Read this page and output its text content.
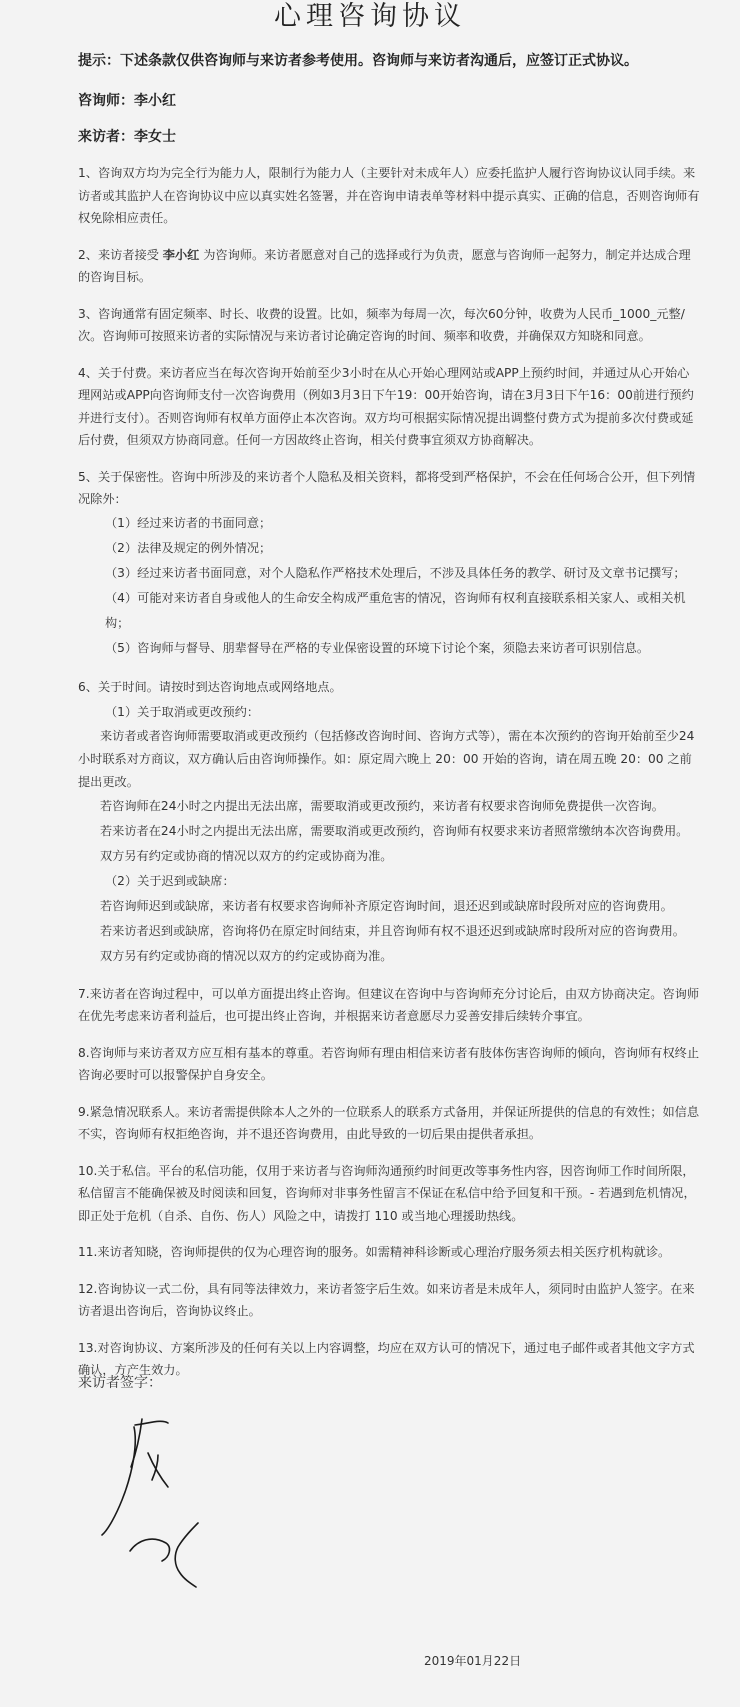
心理咨询协议

提示：下述条款仅供咨询师与来访者参考使用。咨询师与来访者沟通后，应签订正式协议。

咨询师：李小红

来访者：李女士

1、咨询双方均为完全行为能力人，限制行为能力人（主要针对未成年人）应委托监护人履行咨询协议认同手续。来访者或其监护人在咨询协议中应以真实姓名签署，并在咨询申请表单等材料中提示真实、正确的信息，否则咨询师有权免除相应责任。

2、来访者接受 李小红 为咨询师。来访者愿意对自己的选择或行为负责，愿意与咨询师一起努力，制定并达成合理的咨询目标。

3、咨询通常有固定频率、时长、收费的设置。比如，频率为每周一次，每次60分钟，收费为人民币_1000_元整/次。咨询师可按照来访者的实际情况与来访者讨论确定咨询的时间、频率和收费，并确保双方知晓和同意。

4、关于付费。来访者应当在每次咨询开始前至少3小时在从心开始心理网站或APP上预约时间，并通过从心开始心理网站或APP向咨询师支付一次咨询费用（例如3月3日下午19：00开始咨询，请在3月3日下午16：00前进行预约并进行支付）。否则咨询师有权单方面停止本次咨询。双方均可根据实际情况提出调整付费方式为提前多次付费或延后付费，但须双方协商同意。任何一方因故终止咨询，相关付费事宜须双方协商解决。

5、关于保密性。咨询中所涉及的来访者个人隐私及相关资料，都将受到严格保护，不会在任何场合公开，但下列情况除外：

（1）经过来访者的书面同意；

（2）法律及规定的例外情况；

（3）经过来访者书面同意，对个人隐私作严格技术处理后，不涉及具体任务的教学、研讨及文章书记撰写；

（4）可能对来访者自身或他人的生命安全构成严重危害的情况，咨询师有权利直接联系相关家人、或相关机构；

（5）咨询师与督导、朋辈督导在严格的专业保密设置的环境下讨论个案，须隐去来访者可识别信息。

6、关于时间。请按时到达咨询地点或网络地点。

（1）关于取消或更改预约：

来访者或者咨询师需要取消或更改预约（包括修改咨询时间、咨询方式等），需在本次预约的咨询开始前至少24小时联系对方商议，双方确认后由咨询师操作。如：原定周六晚上 20：00 开始的咨询，请在周五晚 20：00 之前提出更改。

若咨询师在24小时之内提出无法出席，需要取消或更改预约，来访者有权要求咨询师免费提供一次咨询。

若来访者在24小时之内提出无法出席，需要取消或更改预约，咨询师有权要求来访者照常缴纳本次咨询费用。

双方另有约定或协商的情况以双方的约定或协商为准。

（2）关于迟到或缺席：

若咨询师迟到或缺席，来访者有权要求咨询师补齐原定咨询时间，退还迟到或缺席时段所对应的咨询费用。

若来访者迟到或缺席，咨询将仍在原定时间结束，并且咨询师有权不退还迟到或缺席时段所对应的咨询费用。

双方另有约定或协商的情况以双方的约定或协商为准。

7.来访者在咨询过程中，可以单方面提出终止咨询。但建议在咨询中与咨询师充分讨论后，由双方协商决定。咨询师在优先考虑来访者利益后，也可提出终止咨询，并根据来访者意愿尽力妥善安排后续转介事宜。

8.咨询师与来访者双方应互相有基本的尊重。若咨询师有理由相信来访者有肢体伤害咨询师的倾向，咨询师有权终止咨询必要时可以报警保护自身安全。

9.紧急情况联系人。来访者需提供除本人之外的一位联系人的联系方式备用，并保证所提供的信息的有效性；如信息不实，咨询师有权拒绝咨询，并不退还咨询费用，由此导致的一切后果由提供者承担。

10.关于私信。平台的私信功能，仅用于来访者与咨询师沟通预约时间更改等事务性内容，因咨询师工作时间所限，私信留言不能确保被及时阅读和回复，咨询师对非事务性留言不保证在私信中给予回复和干预。- 若遇到危机情况，即正处于危机（自杀、自伤、伤人）风险之中，请拨打 110 或当地心理援助热线。

11.来访者知晓，咨询师提供的仅为心理咨询的服务。如需精神科诊断或心理治疗服务须去相关医疗机构就诊。

12.咨询协议一式二份，具有同等法律效力，来访者签字后生效。如来访者是未成年人，须同时由监护人签字。在来访者退出咨询后，咨询协议终止。

13.对咨询协议、方案所涉及的任何有关以上内容调整，均应在双方认可的情况下，通过电子邮件或者其他文字方式确认，方产生效力。

来访者签字：
2019年01月22日
